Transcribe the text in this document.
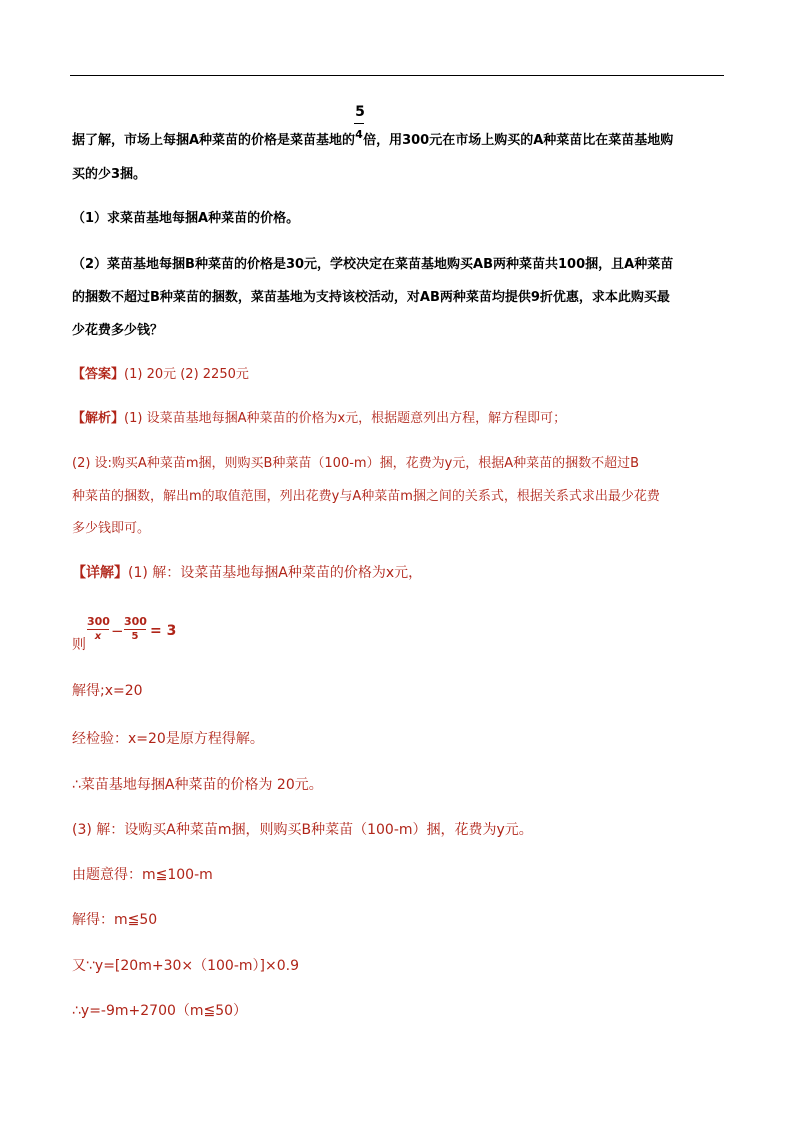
据了解，市场上每捆A种菜苗的价格是菜苗基地的 $\frac{5}{4}$ 倍，用300元在市场上购买的A种菜苗比在菜苗基地购
买的少3捆。
（1）求菜苗基地每捆A种菜苗的价格。
（2）菜苗基地每捆B种菜苗的价格是30元，学校决定在菜苗基地购买AB两种菜苗共100捆，且A种菜苗
的捆数不超过B种菜苗的捆数，菜苗基地为支持该校活动，对AB两种菜苗均提供9折优惠，求本此购买最
少花费多少钱？
【答案】(1) 20元 (2) 2250元
【解析】(1) 设菜苗基地每捆A种菜苗的价格为x元，根据题意列出方程，解方程即可；
(2) 设:购买A种菜苗m捆，则购买B种菜苗（100-m）捆，花费为y元，根据A种菜苗的捆数不超过B
种菜苗的捆数，解出m的取值范围，列出花费y与A种菜苗m捆之间的关系式，根据关系式求出最少花费
多少钱即可。
【详解】(1) 解：设菜苗基地每捆A种菜苗的价格为x元，
则
300
x −
300
5 = 3
解得;x=20
经检验：x=20是原方程得解。
∴菜苗基地每捆A种菜苗的价格为 20元。
(3) 解：设购买A种菜苗m捆，则购买B种菜苗（100-m）捆，花费为y元。
由题意得：m≦100-m
解得：m≦50
又∵y=[20m+30×（100-m）]×0.9
∴y=-9m+2700（m≦50）
